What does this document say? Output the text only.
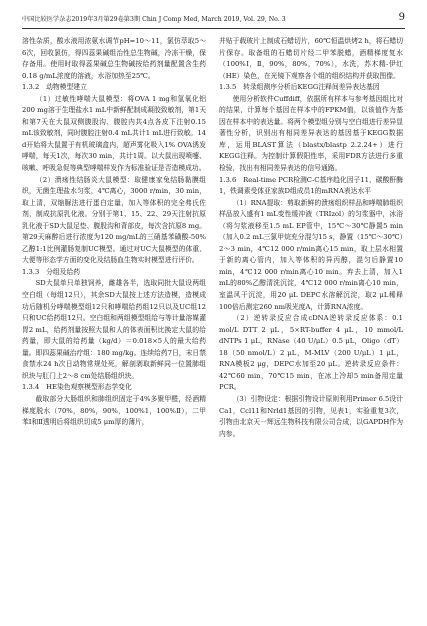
中国比较医学杂志2019年3月第29卷第3期 Chin J Comp Med, March 2019, Vol. 29, No. 3	9

溶性杂质，酸水液用浓氨水调节pH=10～11，氯仿萃取5～6次，回收氯仿，得四蕊果碱组治性总生物碱，冷冻干燥，保存备用。使用时取得蕊果碱总生物碱按给药剂量配置含生药0.18 g/mL浓度的溶液，水浴加热至25℃。

1.3.2　动物模型建立

（1）过敏性哮喘大鼠模型：将OVA 1 mg和氢氧化铝200 mg溶于生理盐水1 mL中新鲜配制成凝胶致敏剂，第1天和第7天在大鼠双侧腹股沟、腹腔内共4点各皮下注射0.15 mL该致敏剂，同时腹腔注射0.4 mL共计1 mL进行致敏。14 d开始将大鼠置于有机玻璃盒内，超声雾化吸入1% OVA诱发哮喘，每天1次，每次30 min，共计1周。以大鼠出现喷嚏、咳嗽、呼吸急促等典型哮喘样发作为标准验证是否造模成功。

（2）溃疡性结肠炎大鼠模型：取健康家兔结肠黏膜组织，无菌生理盐水匀浆，4℃离心，3000 r/min，30 min，取上清，双缩脲法进行蛋白定量，加入等体积的完全弗氏佐剂，制成抗原乳化液。分别于第1、15、22、29天注射抗原乳化液于SD大鼠足垫、腹股沟和背部皮，每次含抗原8 mg。第29天麻醉后进行浓度为120 mg/mL的三硝基苯磺酸-50%乙醇1:1比例灌肠复制UC模型。通过对UC大鼠模型的体重、大便等形态学方面的变化及结肠血生物实时模型进行评价。

1.3.3　分组及给药

SD大鼠单只单独饲养，雌雄各半，选取同批大鼠设两组空白组（每组12只），其余SD大鼠按上述方法造模，造模成功后随机分哮喘模型组12只和哮喘给药组12只以及UC组12只和UC给药组12只。空白组和两组模型组给与等计量溶媒灌胃2 mL，给药剂量按照大鼠和人的体表面积比换定大鼠的给药量，即大鼠的给药量（kg/d）＝0.018×5人的最大给药量。即四蕊果碱治疗组：180 mg/kg。连续给药7日，末日禁食禁水24 h次日动物常规处死，解剖剥取新鲜同一位置肺组织块与肛门上2～8 cm处结肠组织块。

1.3.4　HE染色观察模型形态学变化

截取部分大肠组织和肺组织固定于4%多聚甲醛，经酒精梯度脱水（70%，80%，90%，100%1，100%Ⅱ），二甲苯Ⅰ和Ⅱ透明后将组织切成5 μm厚的薄片，

并贴于载玻片上制成石蜡切片，60℃恒温烘烤2 h，将石蜡切片保存。取备组的石蜡切片经二甲苯脱蜡，酒精梯度复水（100%Ⅰ，Ⅱ，90%，80%，70%），水洗，苏木精-伊红（HE）染色，在光镜下观察各个组的组织结构并获取图像。

1.3.5　转录组测序分析后KEGG注释间差异表达基因

使用分析软件Cuffdiff，依据所有样本与参考基因组比对的结果，计算每个基因在样本中的FPKM值，以该值作为基因在样本中的表达量。将两个模型组分别与空白组进行差异显著性分析，识别出有相同差异表达的基因基于KEGG数据库，运用BLAST算法（blastx/blastp 2.2.24+）进行KEGG注释。为控制计算假阳性率，采用FDR方法进行多重检验，找出有相同差异表达的信号通路。

1.3.6　Real-time PCR检测C-C基序趋化因子11、碳酸酐酶1，铁调素受体亚家族D组成员1的mRNA表达水平

（1）RNA提取：剪取新鲜的溃疡组织样品和哮喘肺组织样品放入盛有1 mL变性缓冲液（TRIzol）的匀浆器中，冰浴（将匀浆液移至1.5 mL EP管中，15℃～30℃静置5 min（加入0.2 mL三氯甲烷充分混匀15 s，静置（15℃～30℃）2～3 min，4℃12 000 r/min离心15 min，取上层水相置于新的离心管内，加入等体积的异丙醇，混匀后静置10 min，4℃12 000 r/min离心10 min。弃去上清，加入1 mL的80%乙醇清洗沉淀，4℃12 000 r/min离心10 min，室温风干沉淀，用20 μL DEPC水溶解沉淀，取2 μL稀释100倍后测定260 nm吸光度A，计算RNA浓度。

（2）逆转录反应合成cDNA逆转录反应体系：0.1 mol/L DTT 2 μL，5×RT-buffer 4 μL，10 mmol/L dNTPs 1 μL，RNase（40 U/μL）0.5 μL，Oligo（dT）18（50 nmol/L）2 μL，M-MLV（200 U/μL）1 μL，RNA模板2 μg，DEPC水加至20 μL。逆转录反应条件：42℃60 min，70℃15 min，在冰上冷却5 min备用定量PCR。

（3）引物设定：根据引物设计原则利用Primer 6.5设计Ca1，Ccl11和Nrld1基因的引物，见表1，实验重复3次，引物由北京天一辉远生物科技有限公司合成，以GAPDH作为内参。
